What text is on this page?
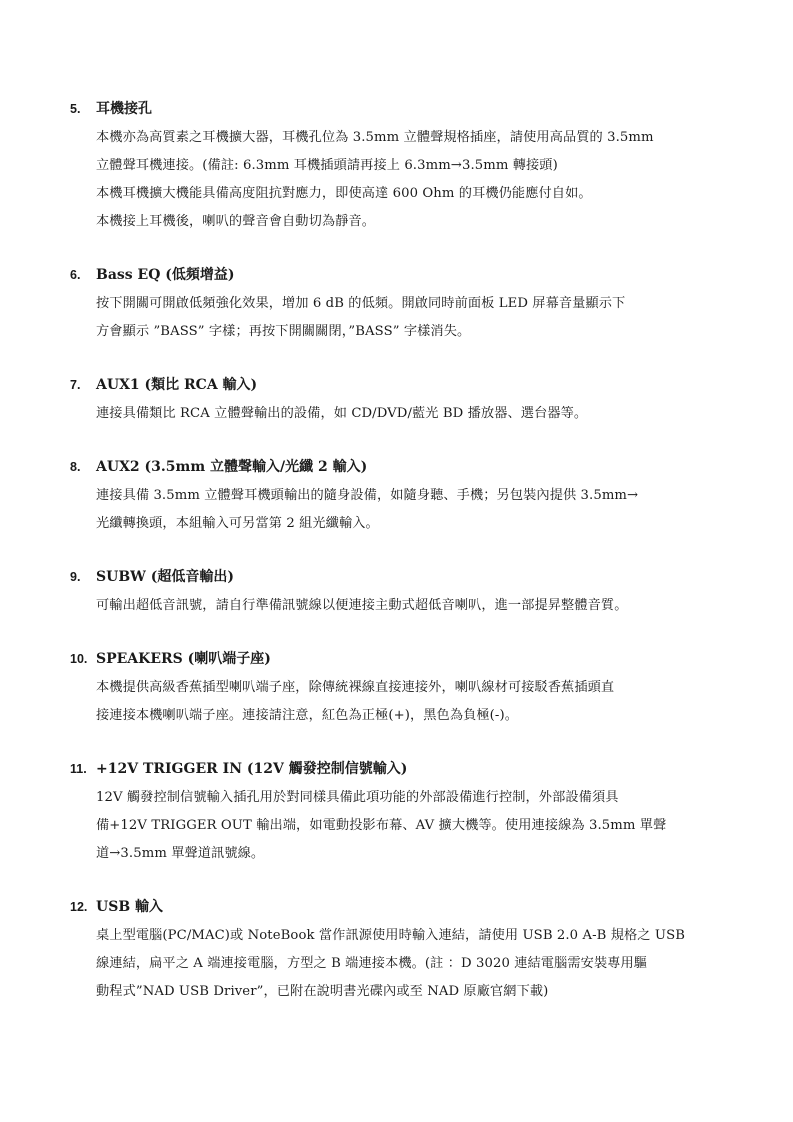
5.	耳機接孔
本機亦為高質素之耳機擴大器，耳機孔位為 3.5mm 立體聲規格插座，請使用高品質的 3.5mm
立體聲耳機連接。(備註: 6.3mm 耳機插頭請再接上 6.3mm→3.5mm 轉接頭)
本機耳機擴大機能具備高度阻抗對應力，即使高達 600 Ohm 的耳機仍能應付自如。
本機接上耳機後，喇叭的聲音會自動切為靜音。
6.	Bass EQ (低頻增益)
按下開關可開啟低頻強化效果，增加 6 dB 的低頻。開啟同時前面板 LED 屏幕音量顯示下
方會顯示 ”BASS” 字樣；再按下開關關閉，”BASS” 字樣消失。
7.	AUX1 (類比 RCA 輸入)
連接具備類比 RCA 立體聲輸出的設備，如 CD/DVD/藍光 BD 播放器、選台器等。
8.	AUX2 (3.5mm 立體聲輸入/光纖 2 輸入)
連接具備 3.5mm 立體聲耳機頭輸出的隨身設備，如隨身聽、手機；另包裝內提供 3.5mm→
光纖轉換頭，本組輸入可另當第 2 組光纖輸入。
9.	SUBW (超低音輸出)
可輸出超低音訊號，請自行準備訊號線以便連接主動式超低音喇叭，進一部提昇整體音質。
10. SPEAKERS (喇叭端子座)
本機提供高級香蕉插型喇叭端子座，除傳統裸線直接連接外，喇叭線材可接駁香蕉插頭直
接連接本機喇叭端子座。連接請注意，紅色為正極(+)，黑色為負極(-)。
11. +12V TRIGGER IN (12V 觸發控制信號輸入)
12V 觸發控制信號輸入插孔用於對同樣具備此項功能的外部設備進行控制，外部設備須具
備+12V TRIGGER OUT 輸出端，如電動投影布幕、AV 擴大機等。使用連接線為 3.5mm 單聲
道→3.5mm 單聲道訊號線。
12. USB 輸入
桌上型電腦(PC/MAC)或 NoteBook 當作訊源使用時輸入連結，請使用 USB 2.0 A-B 規格之 USB
線連結，扁平之 A 端連接電腦，方型之 B 端連接本機。(註 ：D 3020 連結電腦需安裝專用驅
動程式”NAD USB Driver”，已附在說明書光碟內或至 NAD 原廠官網下載)
